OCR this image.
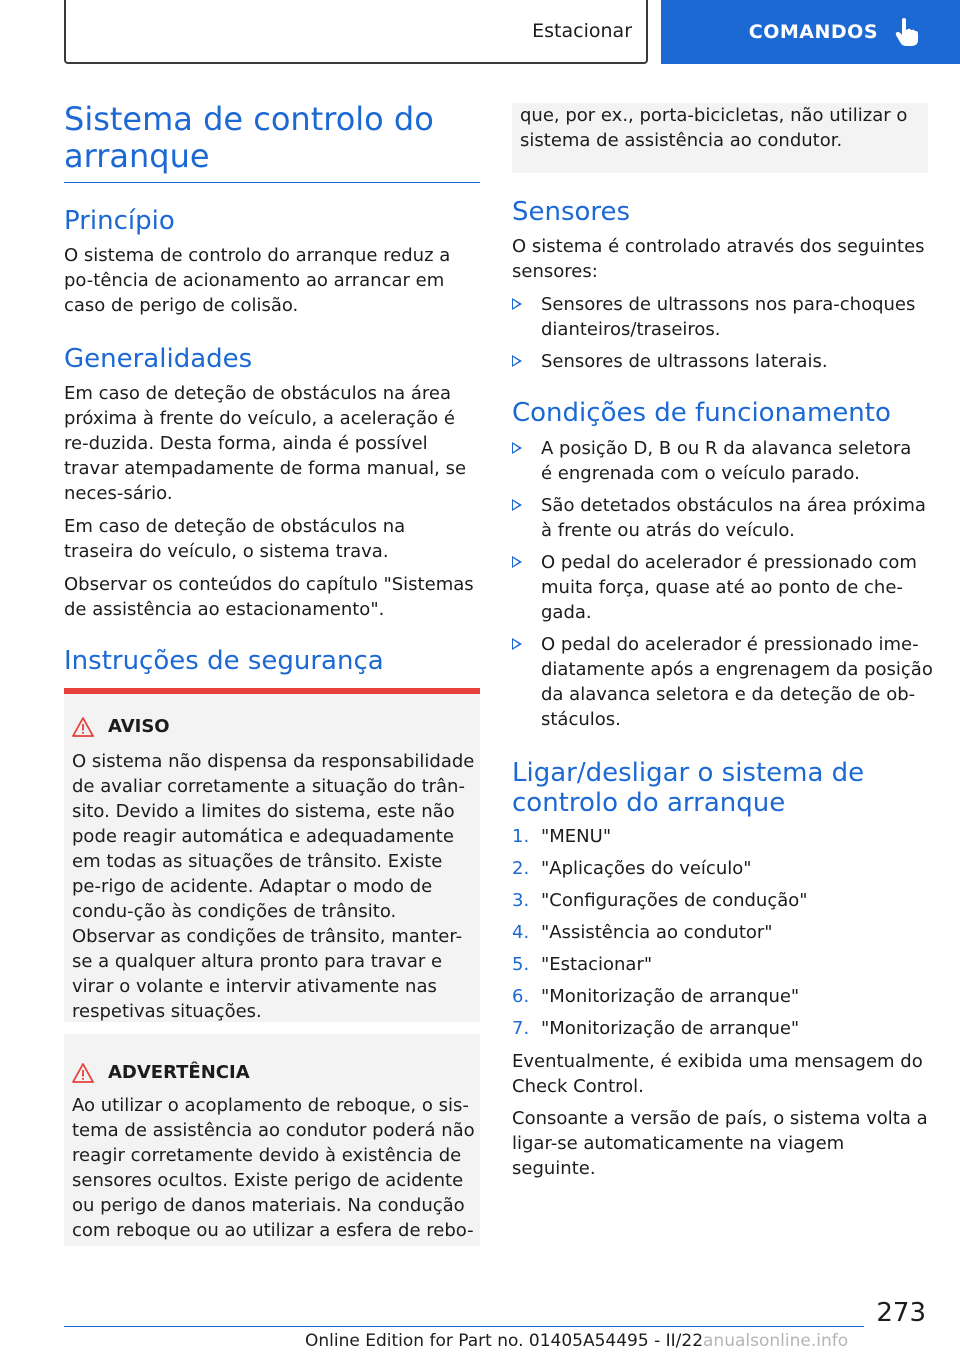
Estacionar	COMANDOS
Sistema de controlo do arranque
Princípio

O sistema de controlo do arranque reduz a po-tência de acionamento ao arrancar em caso de perigo de colisão.

Generalidades

Em caso de deteção de obstáculos na área próxima à frente do veículo, a aceleração é re-duzida. Desta forma, ainda é possível travar atempadamente de forma manual, se neces-sário.

Em caso de deteção de obstáculos na traseira do veículo, o sistema trava.

Observar os conteúdos do capítulo "Sistemas de assistência ao estacionamento".

Instruções de segurança
AVISO

O sistema não dispensa da responsabilidade de avaliar corretamente a situação do trân-sito. Devido a limites do sistema, este não pode reagir automática e adequadamente em todas as situações de trânsito. Existe pe-rigo de acidente. Adaptar o modo de condu-ção às condições de trânsito. Observar as condições de trânsito, manter-se a qualquer altura pronto para travar e virar o volante e intervir ativamente nas respetivas situações.

ADVERTÊNCIA

Ao utilizar o acoplamento de reboque, o sis-tema de assistência ao condutor poderá não reagir corretamente devido à existência de sensores ocultos. Existe perigo de acidente ou perigo de danos materiais. Na condução com reboque ou ao utilizar a esfera de rebo-

que, por ex., porta-bicicletas, não utilizar o sistema de assistência ao condutor.

Sensores

O sistema é controlado através dos seguintes sensores:

Sensores de ultrassons nos para-choques dianteiros/traseiros.

Sensores de ultrassons laterais.

Condições de funcionamento

A posição D, B ou R da alavanca seletora é engrenada com o veículo parado.

São detetados obstáculos na área próxima à frente ou atrás do veículo.

O pedal do acelerador é pressionado com muita força, quase até ao ponto de che-gada.

O pedal do acelerador é pressionado ime-diatamente após a engrenagem da posição da alavanca seletora e da deteção de ob-stáculos.

Ligar/desligar o sistema de controlo do arranque
1. "MENU"

2. "Aplicações do veículo"

3. "Configurações de condução"

4. "Assistência ao condutor"

5. "Estacionar"

6. "Monitorização de arranque"

7. "Monitorização de arranque"

Eventualmente, é exibida uma mensagem do Check Control.

Consoante a versão de país, o sistema volta a ligar-se automaticamente na viagem seguinte.

273
Online Edition for Part no. 01405A54495 - II/22anualsonline.info
